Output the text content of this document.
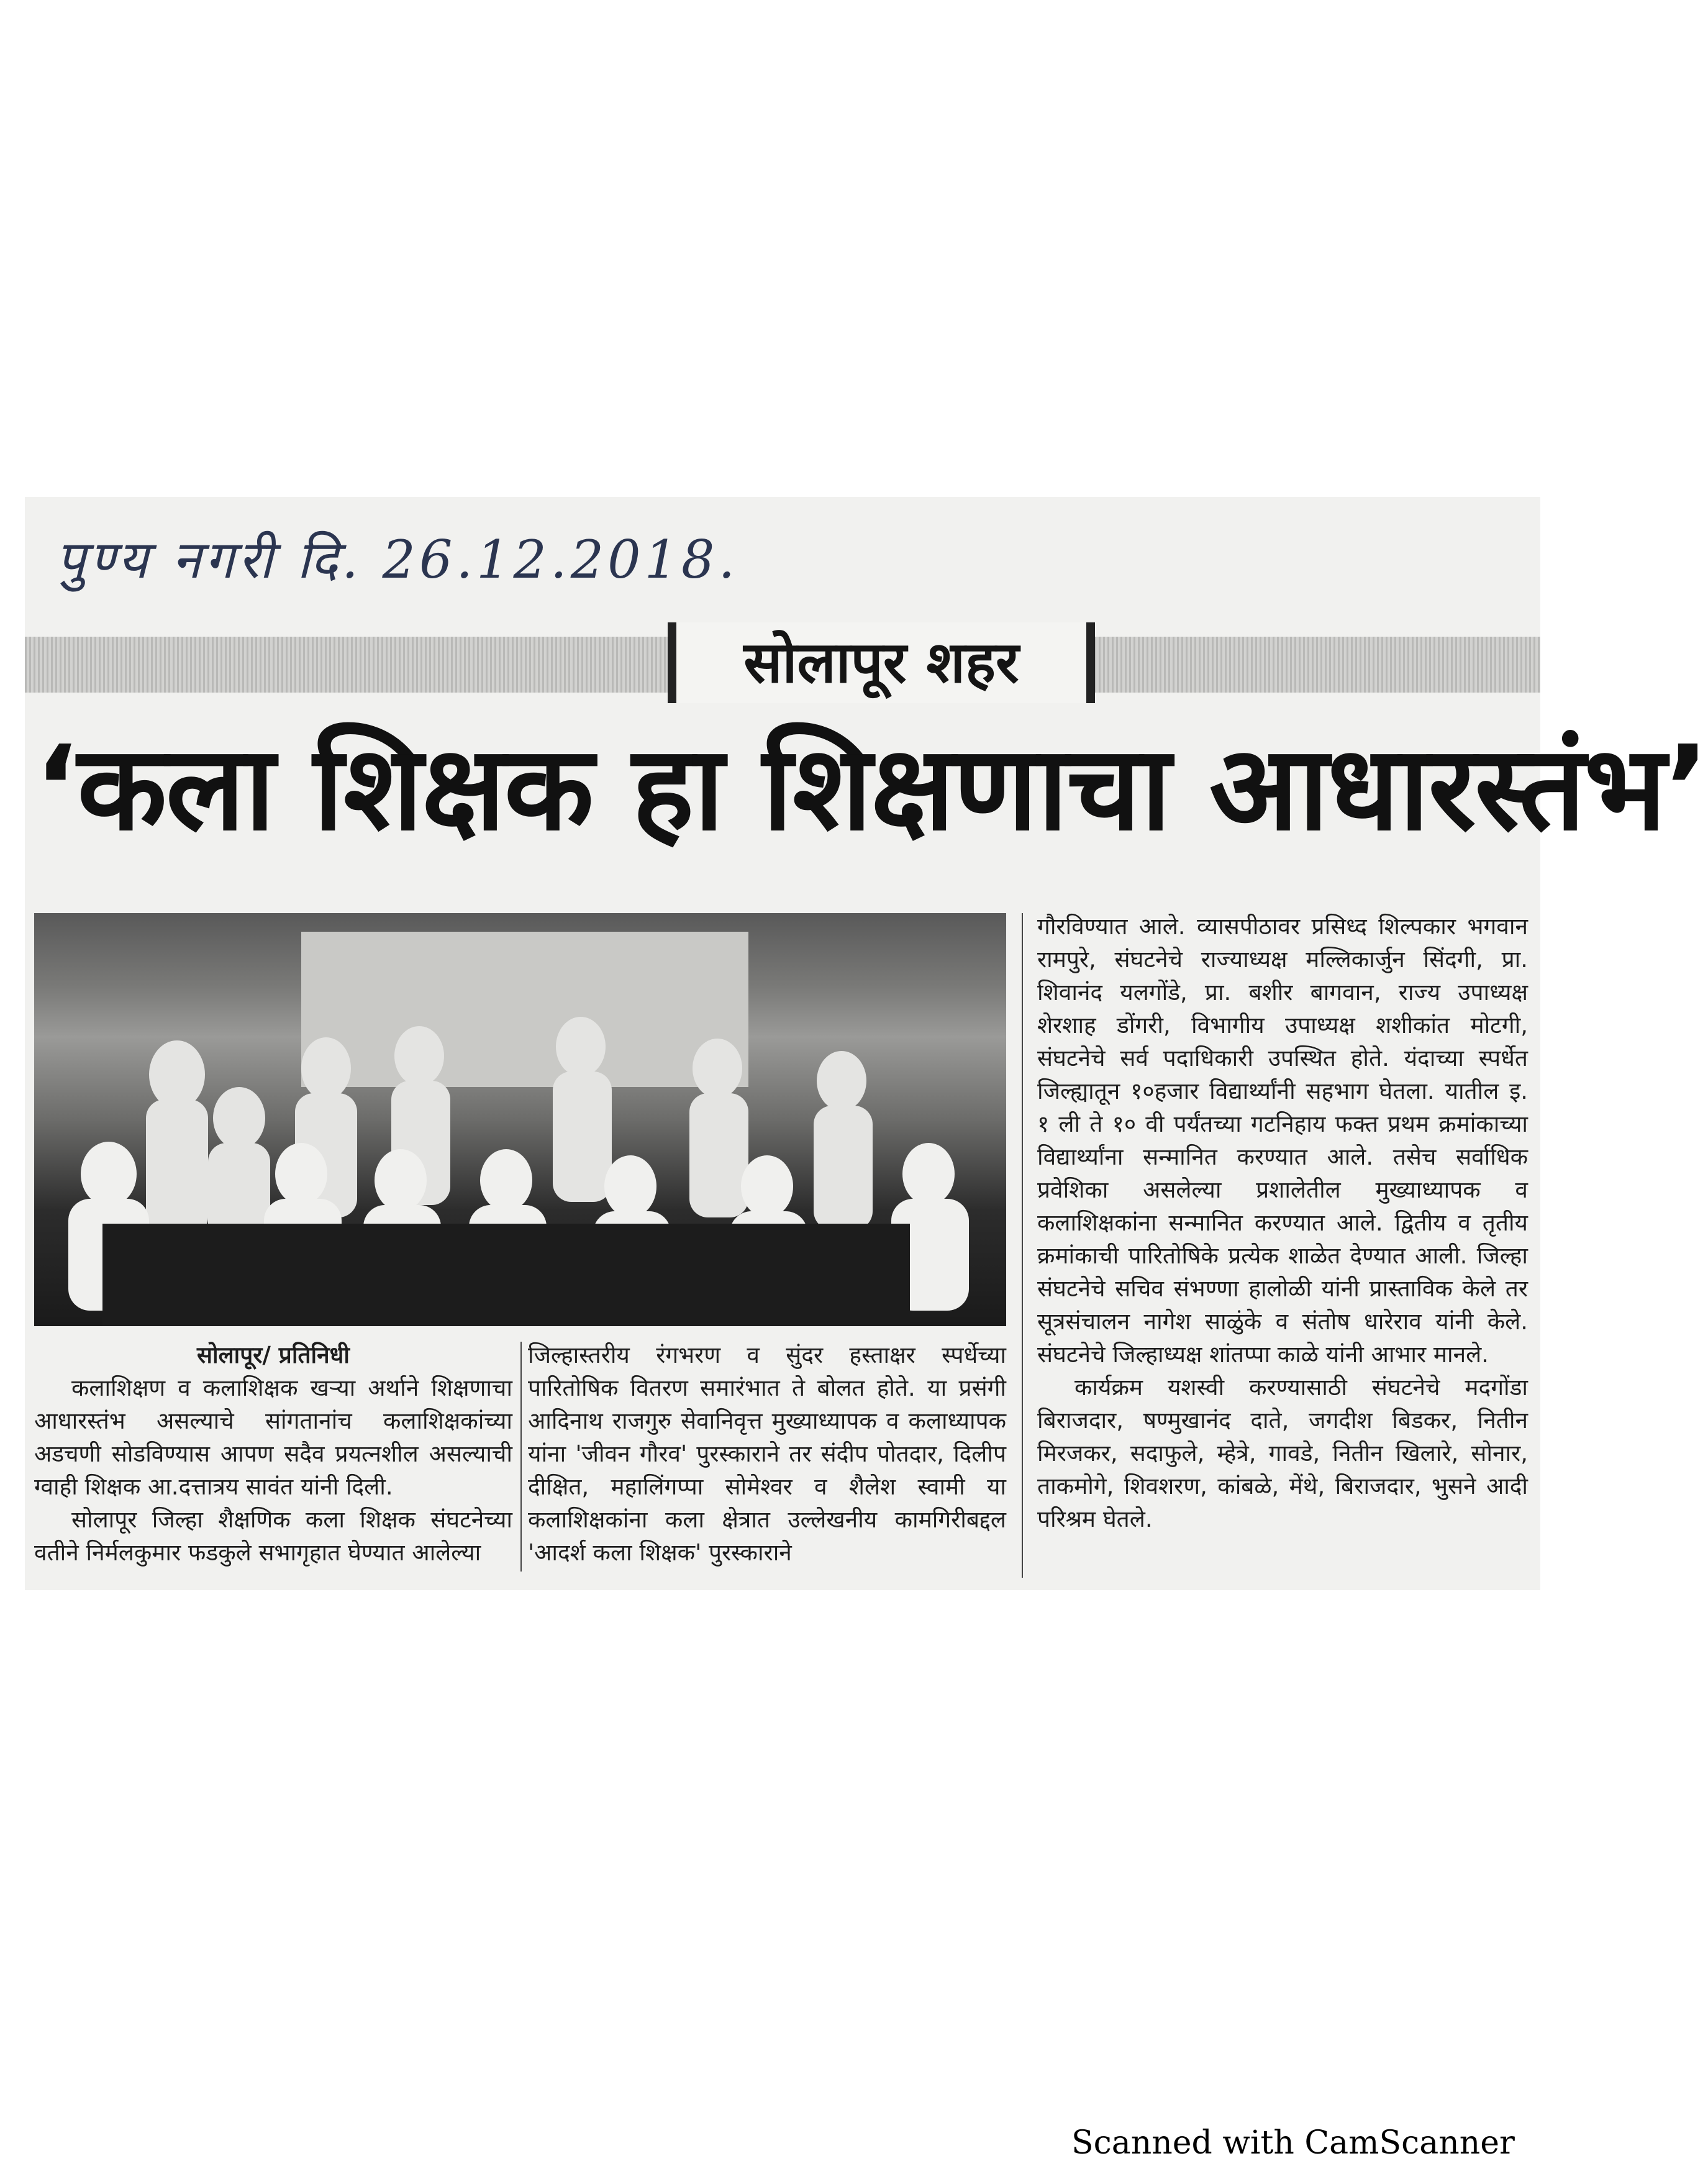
पुण्य नगरी दि. 26.12.2018.
सोलापूर शहर
‘कला शिक्षक हा शिक्षणाचा आधारस्तंभ’
सोलापूर/ प्रतिनिधी

कलाशिक्षण व कलाशिक्षक खऱ्या अर्थाने शिक्षणाचा आधारस्तंभ असल्याचे सांगतानांच कलाशिक्षकांच्या अडचणी सोडविण्यास आपण सदैव प्रयत्नशील असल्याची ग्वाही शिक्षक आ.दत्तात्रय सावंत यांनी दिली.

सोलापूर जिल्हा शैक्षणिक कला शिक्षक संघटनेच्या वतीने निर्मलकुमार फडकुले सभागृहात घेण्यात आलेल्या

जिल्हास्तरीय रंगभरण व सुंदर हस्ताक्षर स्पर्धेच्या पारितोषिक वितरण समारंभात ते बोलत होते. या प्रसंगी आदिनाथ राजगुरु सेवानिवृत्त मुख्याध्यापक व कलाध्यापक यांना 'जीवन गौरव' पुरस्काराने तर संदीप पोतदार, दिलीप दीक्षित, महालिंगप्पा सोमेश्वर व शैलेश स्वामी या कलाशिक्षकांना कला क्षेत्रात उल्लेखनीय कामगिरीबद्दल 'आदर्श कला शिक्षक' पुरस्काराने

गौरविण्यात आले. व्यासपीठावर प्रसिध्द शिल्पकार भगवान रामपुरे, संघटनेचे राज्याध्यक्ष मल्लिकार्जुन सिंदगी, प्रा. शिवानंद यलगोंडे, प्रा. बशीर बागवान, राज्य उपाध्यक्ष शेरशाह डोंगरी, विभागीय उपाध्यक्ष शशीकांत मोटगी, संघटनेचे सर्व पदाधिकारी उपस्थित होते. यंदाच्या स्पर्धेत जिल्ह्यातून १०हजार विद्यार्थ्यांनी सहभाग घेतला. यातील इ. १ ली ते १० वी पर्यंतच्या गटनिहाय फक्त प्रथम क्रमांकाच्या विद्यार्थ्यांना सन्मानित करण्यात आले. तसेच सर्वाधिक प्रवेशिका असलेल्या प्रशालेतील मुख्याध्यापक व कलाशिक्षकांना सन्मानित करण्यात आले. द्वितीय व तृतीय क्रमांकाची पारितोषिके प्रत्येक शाळेत देण्यात आली. जिल्हा संघटनेचे सचिव संभण्णा हालोळी यांनी प्रास्ताविक केले तर सूत्रसंचालन नागेश साळुंके व संतोष धारेराव यांनी केले. संघटनेचे जिल्हाध्यक्ष शांतप्पा काळे यांनी आभार मानले.

कार्यक्रम यशस्वी करण्यासाठी संघटनेचे मदगोंडा बिराजदार, षण्मुखानंद दाते, जगदीश बिडकर, नितीन मिरजकर, सदाफुले, म्हेत्रे, गावडे, नितीन खिलारे, सोनार, ताकमोगे, शिवशरण, कांबळे, मेंथे, बिराजदार, भुसने आदी परिश्रम घेतले.

Scanned with CamScanner
